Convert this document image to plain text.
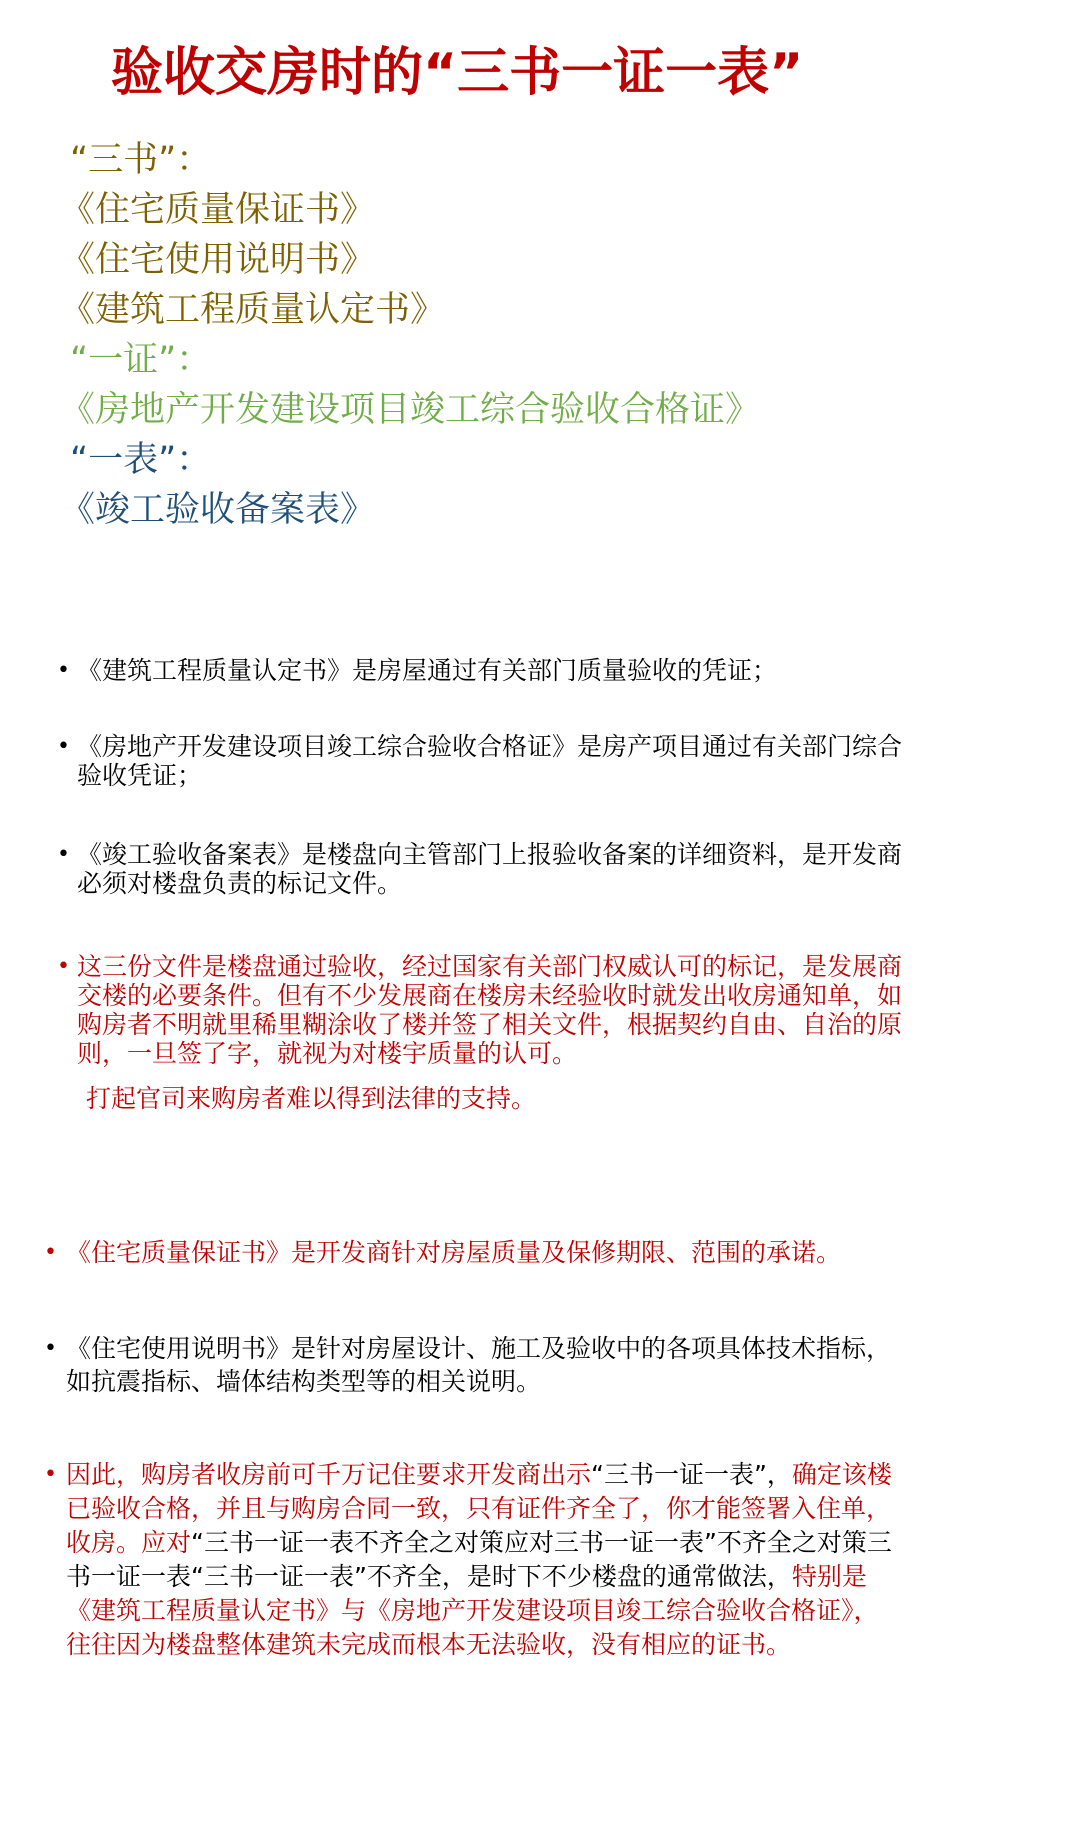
验收交房时的“三书一证一表”
“三书”：
《住宅质量保证书》
《住宅使用说明书》
《建筑工程质量认定书》
“一证”：
《房地产开发建设项目竣工综合验收合格证》
“一表”：
《竣工验收备案表》
• 《建筑工程质量认定书》是房屋通过有关部门质量验收的凭证；
• 《房地产开发建设项目竣工综合验收合格证》是房产项目通过有关部门综合
验收凭证；
• 《竣工验收备案表》是楼盘向主管部门上报验收备案的详细资料，是开发商
必须对楼盘负责的标记文件。
• 这三份文件是楼盘通过验收，经过国家有关部门权威认可的标记，是发展商
交楼的必要条件。但有不少发展商在楼房未经验收时就发出收房通知单，如
购房者不明就里稀里糊涂收了楼并签了相关文件，根据契约自由、自治的原
则，一旦签了字，就视为对楼宇质量的认可。
打起官司来购房者难以得到法律的支持。
• 《住宅质量保证书》是开发商针对房屋质量及保修期限、范围的承诺。
• 《住宅使用说明书》是针对房屋设计、施工及验收中的各项具体技术指标，
如抗震指标、墙体结构类型等的相关说明。
• 因此，购房者收房前可千万记住要求开发商出示“三书一证一表”，确定该楼
已验收合格，并且与购房合同一致，只有证件齐全了，你才能签署入住单，
收房。应对“三书一证一表不齐全之对策应对三书一证一表”不齐全之对策三
书一证一表“三书一证一表”不齐全，是时下不少楼盘的通常做法，特别是
《建筑工程质量认定书》与《房地产开发建设项目竣工综合验收合格证》，
往往因为楼盘整体建筑未完成而根本无法验收，没有相应的证书。
